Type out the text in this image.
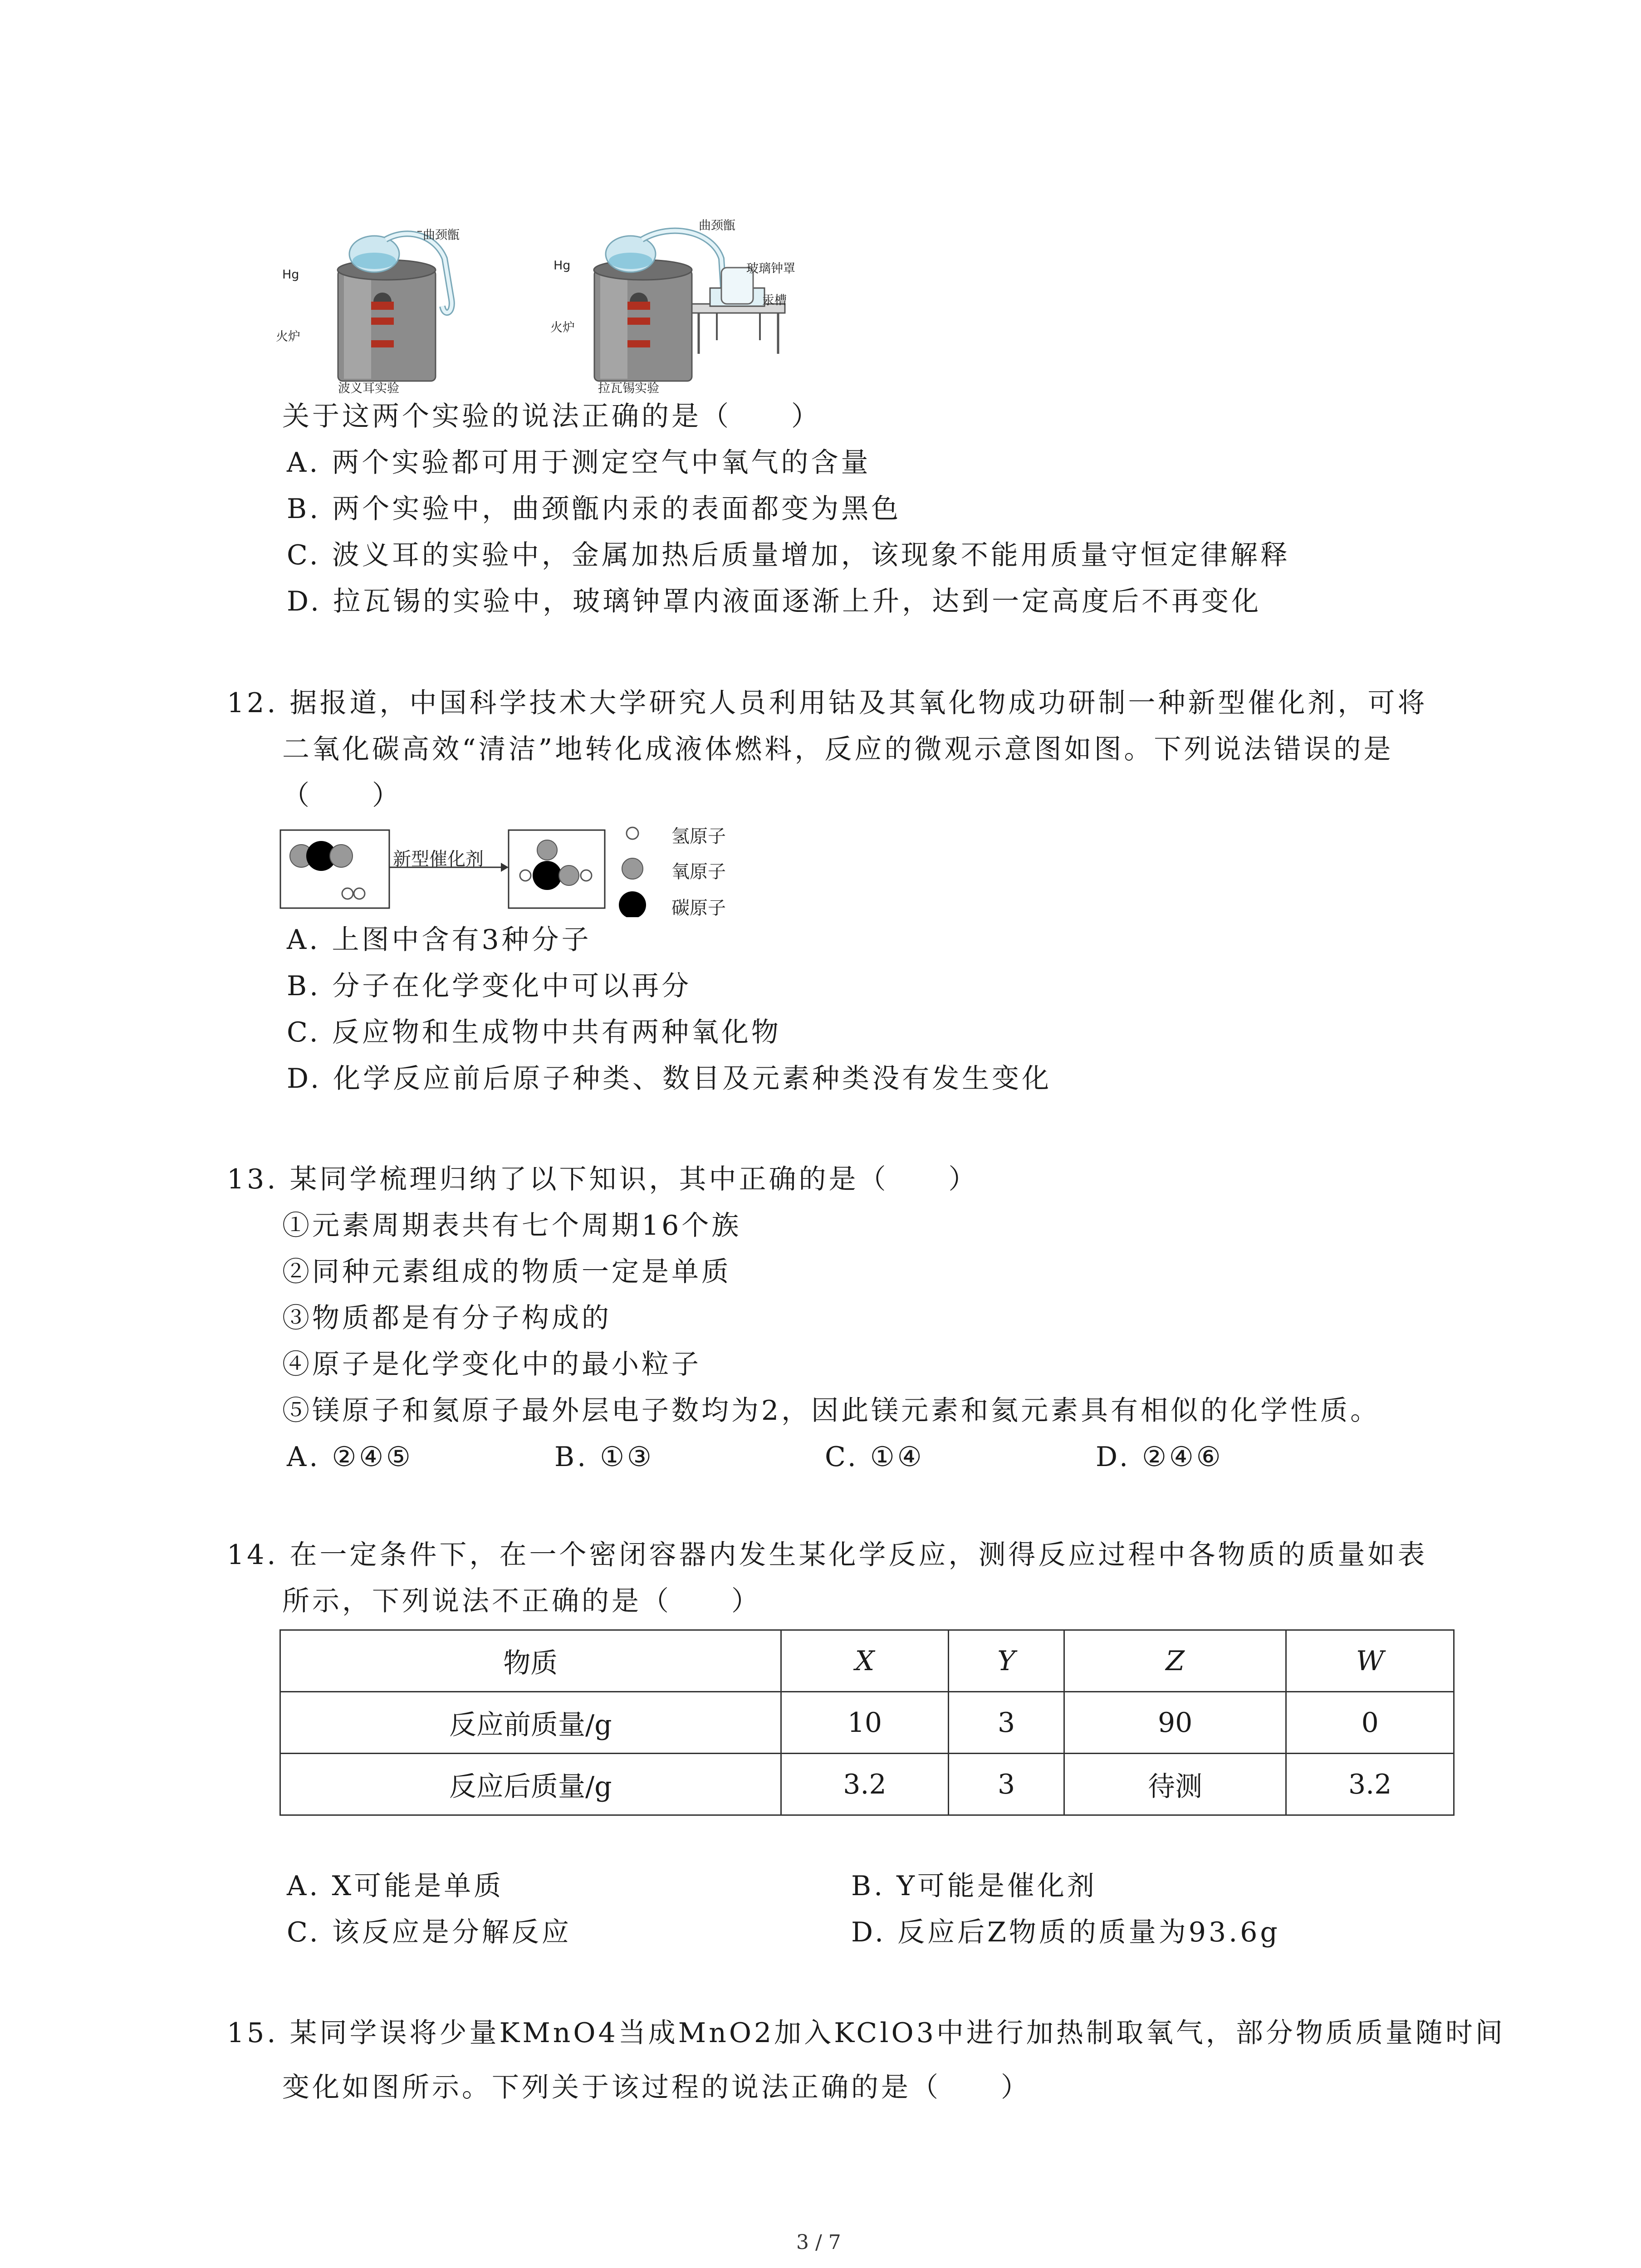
曲颈甑
Hg
火炉
波义耳实验
曲颈甑
Hg	玻璃钟罩
汞槽
火炉
拉瓦锡实验
关于这两个实验的说法正确的是（　　）
A. 两个实验都可用于测定空气中氧气的含量
B. 两个实验中，曲颈甑内汞的表面都变为黑色
C. 波义耳的实验中，金属加热后质量增加，该现象不能用质量守恒定律解释
D. 拉瓦锡的实验中，玻璃钟罩内液面逐渐上升，达到一定高度后不再变化
12. 据报道，中国科学技术大学研究人员利用钴及其氧化物成功研制一种新型催化剂，可将
二氧化碳高效“清洁”地转化成液体燃料，反应的微观示意图如图。下列说法错误的是
（　　）
新型催化剂
氢原子
氧原子
碳原子
A. 上图中含有3种分子
B. 分子在化学变化中可以再分
C. 反应物和生成物中共有两种氧化物
D. 化学反应前后原子种类、数目及元素种类没有发生变化
13. 某同学梳理归纳了以下知识，其中正确的是（　　）
①元素周期表共有七个周期16个族
②同种元素组成的物质一定是单质
③物质都是有分子构成的
④原子是化学变化中的最小粒子
⑤镁原子和氦原子最外层电子数均为2，因此镁元素和氦元素具有相似的化学性质。
A. ②④⑤	B. ①③	C. ①④	D. ②④⑥
14. 在一定条件下，在一个密闭容器内发生某化学反应，测得反应过程中各物质的质量如表
所示，下列说法不正确的是（　　）
物质	X	Y	Z	W
反应前质量/g	10	3	90	0
反应后质量/g	3.2	3	待测	3.2
A. X可能是单质	B. Y可能是催化剂
C. 该反应是分解反应	D. 反应后Z物质的质量为93.6g
15. 某同学误将少量KMnO4当成MnO2加入KClO3中进行加热制取氧气，部分物质质量随时间
变化如图所示。下列关于该过程的说法正确的是（　　）
3 / 7
